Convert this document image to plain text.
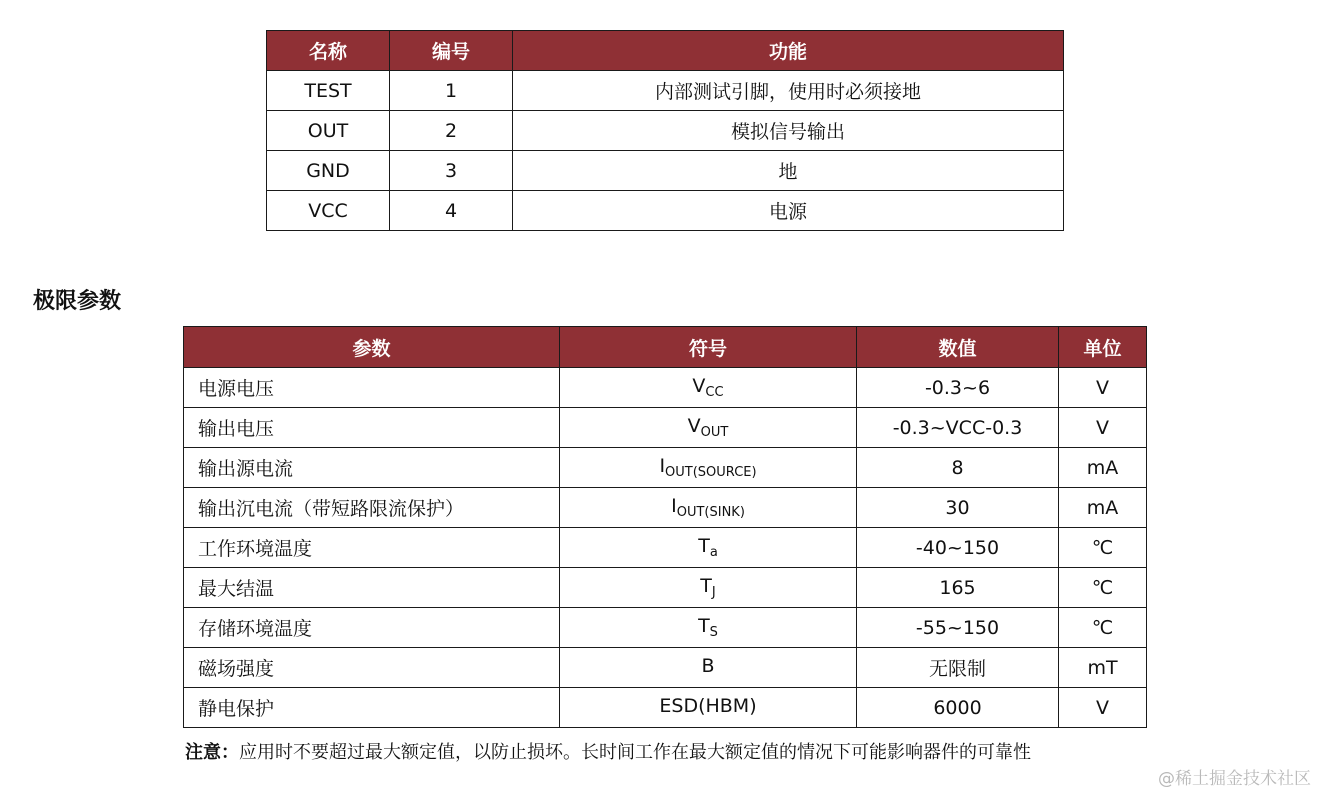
名称	编号	功能
TEST	1	内部测试引脚，使用时必须接地
OUT	2	模拟信号输出
GND	3	地
VCC	4	电源
极限参数
参数	符号	数值	单位
电源电压	$V_{CC}$	-0.3~6	V
输出电压	$V_{OUT}$	-0.3~VCC-0.3	V
输出源电流	$I_{OUT(SOURCE)}$	8	mA
输出沉电流（带短路限流保护）	$I_{OUT(SINK)}$	30	mA
工作环境温度	$T_a$	-40~150	℃
最大结温	$T_J$	165	℃
存储环境温度	$T_S$	-55~150	℃
磁场强度	B	无限制	mT
静电保护	ESD(HBM)	6000	V
注意：应用时不要超过最大额定值，以防止损坏。长时间工作在最大额定值的情况下可能影响器件的可靠性
@稀土掘金技术社区
